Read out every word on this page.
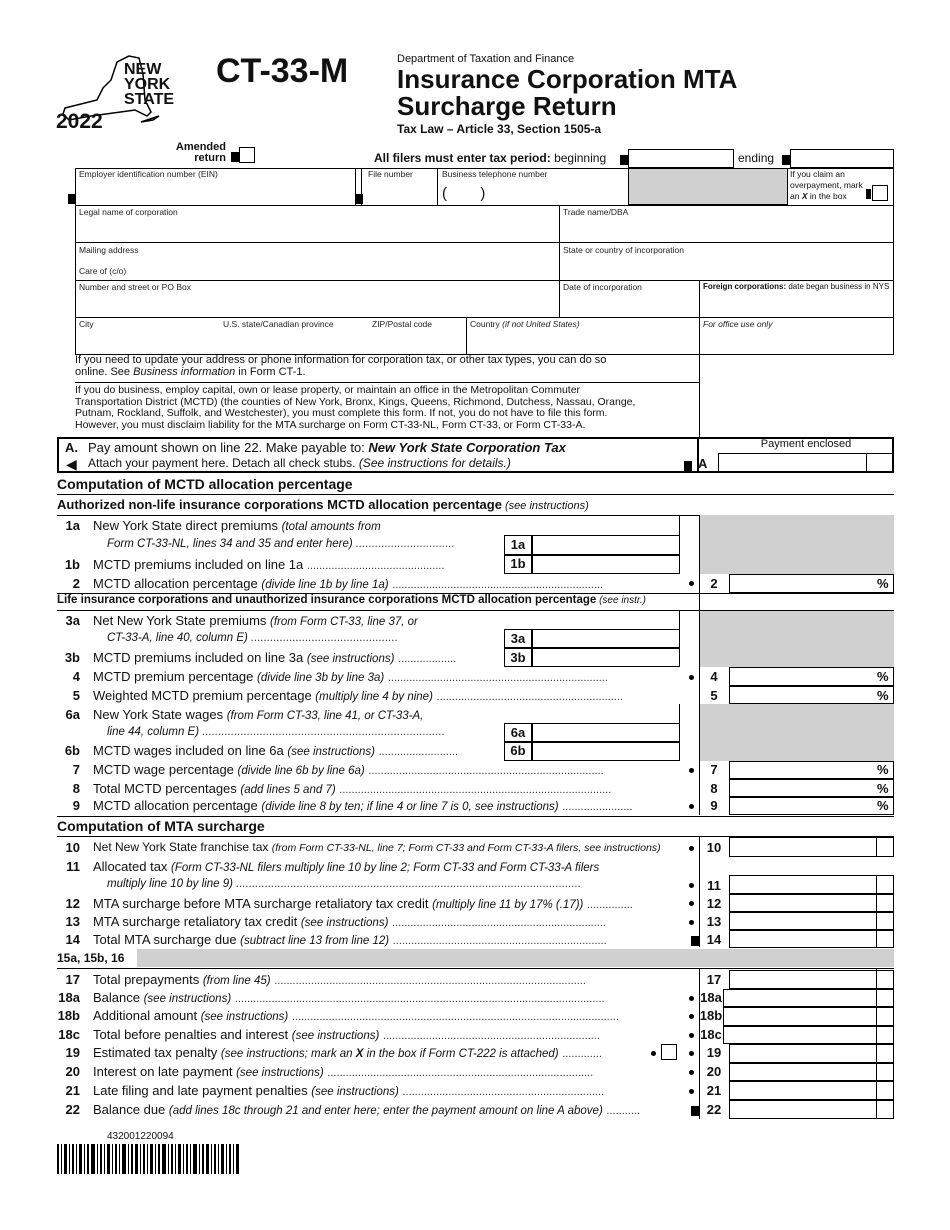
NEW
YORK
STATE
2022
CT-33-M	Department of Taxation and Finance
Insurance Corporation MTA
Surcharge Return
Tax Law – Article 33, Section 1505-a
Amended
return	All filers must enter tax period: beginning	ending
Employer identification number (EIN)	File number	Business telephone number
(        )
If you claim an
overpayment, mark
an X in the box
Legal name of corporation	Trade name/DBA
Mailing address
Care of (c/o)
State or country of incorporation
Number and street or PO Box	Date of incorporation	Foreign corporations: date began business in NYS
City	U.S. state/Canadian province	ZIP/Postal code	Country (if not United States)	For office use only
If you need to update your address or phone information for corporation tax, or other tax types, you can do so
online. See Business information in Form CT-1.
If you do business, employ capital, own or lease property, or maintain an office in the Metropolitan Commuter
Transportation District (MCTD) (the counties of New York, Bronx, Kings, Queens, Richmond, Dutchess, Nassau, Orange,
Putnam, Rockland, Suffolk, and Westchester), you must complete this form. If not, you do not have to file this form.
However, you must disclaim liability for the MTA surcharge on Form CT-33-NL, Form CT-33, or Form CT-33-A.
A.
◀
Pay amount shown on line 22. Make payable to: New York State Corporation Tax
Attach your payment here. Detach all check stubs. (See instructions for details.)	A
Payment enclosed
Computation of MCTD allocation percentage
Authorized non-life insurance corporations MCTD allocation percentage (see instructions)
1a New York State direct premiums (total amounts from
Form CT-33-NL, lines 34 and 35 and enter here) ...............................	1a
1b MCTD premiums included on line 1a .............................................	1b
2 MCTD allocation percentage (divide line 1b by line 1a) .....................................................................	2	%
Life insurance corporations and unauthorized insurance corporations MCTD allocation percentage (see instr.)
3a Net New York State premiums (from Form CT-33, line 37, or
CT-33-A, line 40, column E) ..............................................	3a
3b MCTD premiums included on line 3a (see instructions) ...................	3b
4 MCTD premium percentage (divide line 3b by line 3a) ........................................................................	4	%
5 Weighted MCTD premium percentage (multiply line 4 by nine) .............................................................	5	%
6a New York State wages (from Form CT-33, line 41, or CT-33-A,
line 44, column E) ............................................................................	6a
6b MCTD wages included on line 6a (see instructions) ..........................	6b
7 MCTD wage percentage (divide line 6b by line 6a) .............................................................................	7	%
8 Total MCTD percentages (add lines 5 and 7) .........................................................................................	8	%
9 MCTD allocation percentage (divide line 8 by ten; if line 4 or line 7 is 0, see instructions) .......................	9	%
Computation of MTA surcharge
10 Net New York State franchise tax (from Form CT-33-NL, line 7; Form CT-33 and Form CT-33-A filers, see instructions)	10
11 Allocated tax (Form CT-33-NL filers multiply line 10 by line 2; Form CT-33 and Form CT-33-A filers
multiply line 10 by line 9) ............................................................................................................	11
12 MTA surcharge before MTA surcharge retaliatory tax credit (multiply line 11 by 17% (.17)) ...............	12
13 MTA surcharge retaliatory tax credit (see instructions) ......................................................................	13
14 Total MTA surcharge due (subtract line 13 from line 12) ......................................................................	14
15a, 15b, 16
17 Total prepayments (from line 45) ......................................................................................................	17
18a Balance (see instructions) .........................................................................................................................	18a
18b Additional amount (see instructions) ...........................................................................................................	18b
18c Total before penalties and interest (see instructions) .......................................................................	18c
19 Estimated tax penalty (see instructions; mark an X in the box if Form CT-222 is attached) .............	19
20 Interest on late payment (see instructions) .......................................................................................	20
21 Late filing and late payment penalties (see instructions) ..................................................................	21
22 Balance due (add lines 18c through 21 and enter here; enter the payment amount on line A above) ...........	22
432001220094
